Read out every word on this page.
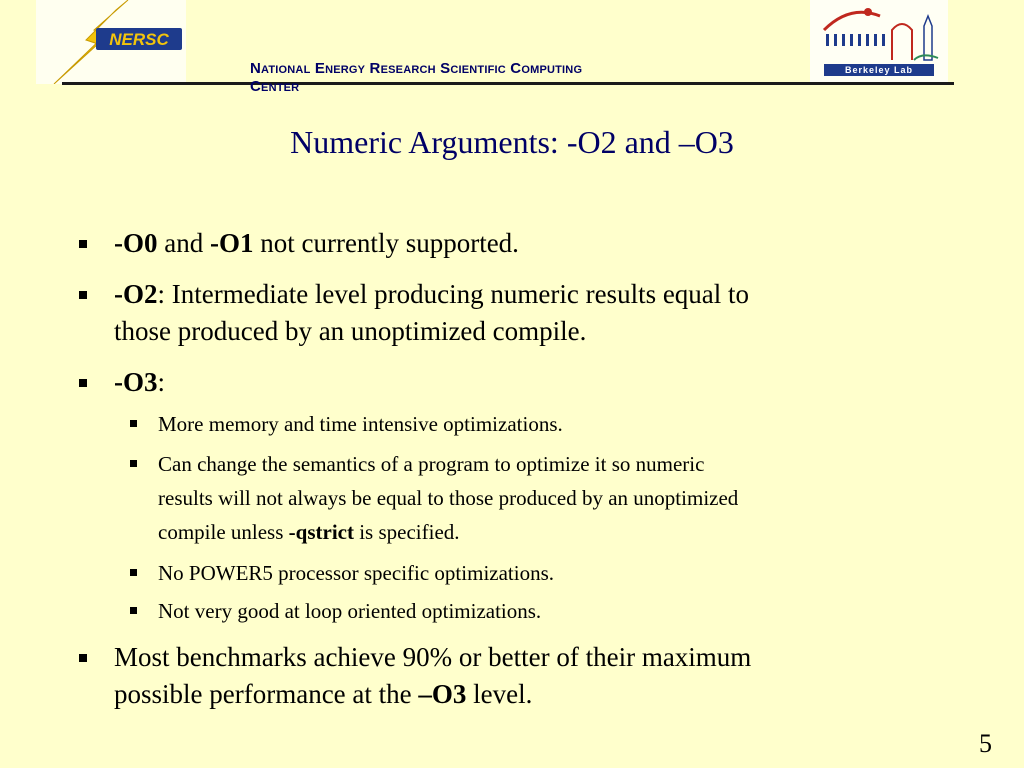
NERSC
Berkeley Lab
National Energy Research Scientific Computing
Center
Numeric Arguments: -O2 and –O3
-O0 and -O1 not currently supported.
-O2: Intermediate level producing numeric results equal to
those produced by an unoptimized compile.
-O3:
More memory and time intensive optimizations.
Can change the semantics of a program to optimize it so numeric
results will not always be equal to those produced by an unoptimized
compile unless -qstrict is specified.
No POWER5 processor specific optimizations.
Not very good at loop oriented optimizations.
Most benchmarks achieve 90% or better of their maximum
possible performance at the –O3 level.
5
